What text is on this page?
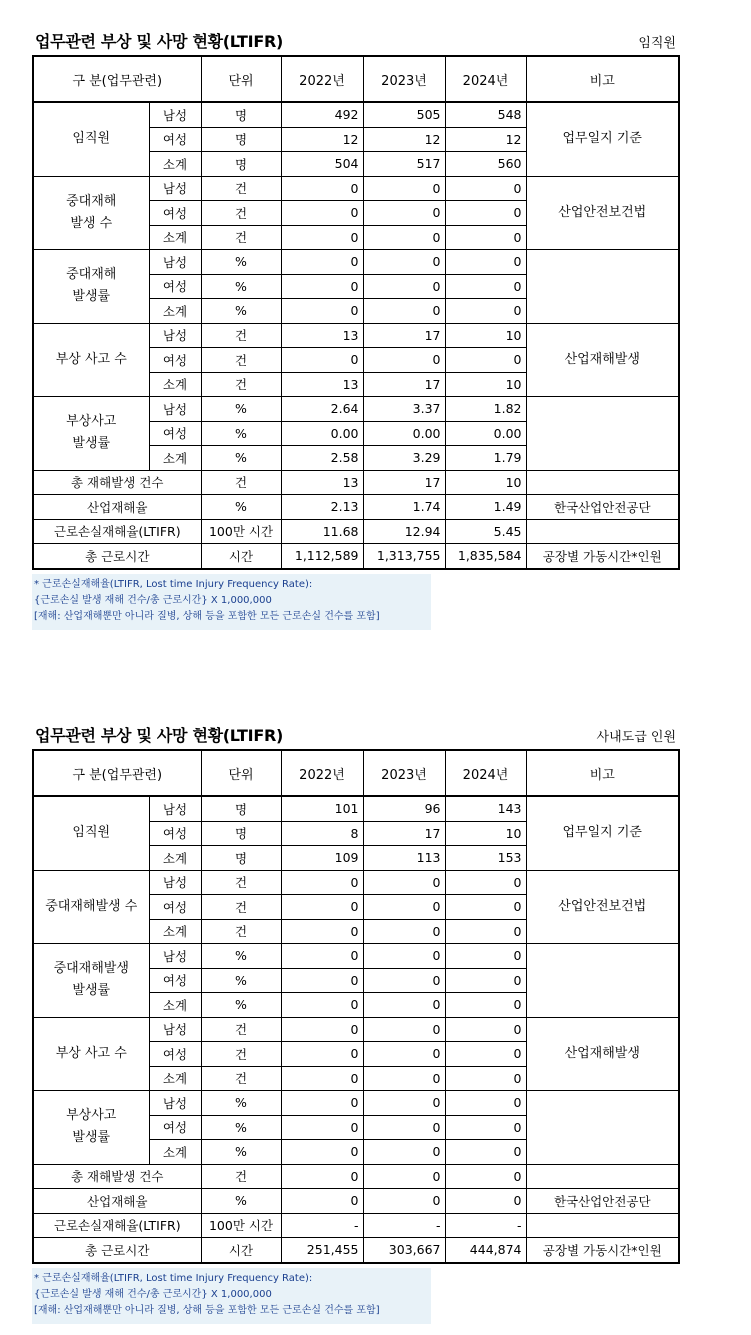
업무관련 부상 및 사망 현황(LTIFR)	임직원
구 분(업무관련)		단위	2022년	2023년	2024년	비고
임직원	남성	명	492	505	548	업무일지 기준
	여성	명	12	12	12	
	소계	명	504	517	560	
중대재해
발생 수	남성	건	0	0	0	산업안전보건법
	여성	건	0	0	0	
	소계	건	0	0	0	
중대재해
발생률	남성	%	0	0	0	
	여성	%	0	0	0	
	소계	%	0	0	0	
부상 사고 수	남성	건	13	17	10	산업재해발생
	여성	건	0	0	0	
	소계	건	13	17	10	
부상사고
발생률	남성	%	2.64	3.37	1.82	
	여성	%	0.00	0.00	0.00	
	소계	%	2.58	3.29	1.79	
총 재해발생 건수		건	13	17	10	
산업재해율		%	2.13	1.74	1.49	한국산업안전공단
근로손실재해율(LTIFR)		100만 시간	11.68	12.94	5.45	
총 근로시간		시간	1,112,589	1,313,755	1,835,584	공장별 가동시간*인원
* 근로손실재해율(LTIFR, Lost time Injury Frequency Rate):
{근로손실 발생 재해 건수/총 근로시간} X 1,000,000
[재해: 산업재해뿐만 아니라 질병, 상해 등을 포함한 모든 근로손실 건수를 포함]
업무관련 부상 및 사망 현황(LTIFR)	사내도급 인원
구 분(업무관련)		단위	2022년	2023년	2024년	비고
임직원	남성	명	101	96	143	업무일지 기준
	여성	명	8	17	10	
	소계	명	109	113	153	
중대재해발생 수	남성	건	0	0	0	산업안전보건법
	여성	건	0	0	0	
	소계	건	0	0	0	
중대재해발생
발생률	남성	%	0	0	0	
	여성	%	0	0	0	
	소계	%	0	0	0	
부상 사고 수	남성	건	0	0	0	산업재해발생
	여성	건	0	0	0	
	소계	건	0	0	0	
부상사고
발생률	남성	%	0	0	0	
	여성	%	0	0	0	
	소계	%	0	0	0	
총 재해발생 건수		건	0	0	0	
산업재해율		%	0	0	0	한국산업안전공단
근로손실재해율(LTIFR)		100만 시간	-	-	-	
총 근로시간		시간	251,455	303,667	444,874	공장별 가동시간*인원
* 근로손실재해율(LTIFR, Lost time Injury Frequency Rate):
{근로손실 발생 재해 건수/총 근로시간} X 1,000,000
[재해: 산업재해뿐만 아니라 질병, 상해 등을 포함한 모든 근로손실 건수를 포함]
